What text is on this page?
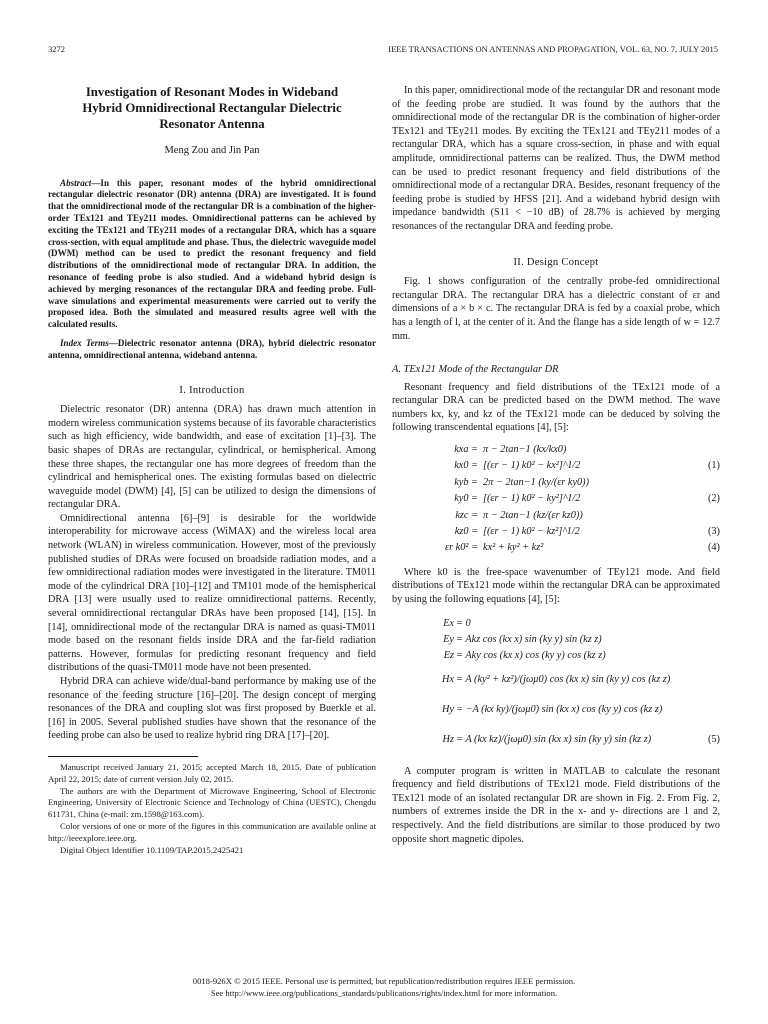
3272	IEEE TRANSACTIONS ON ANTENNAS AND PROPAGATION, VOL. 63, NO. 7, JULY 2015
Investigation of Resonant Modes in Wideband
Hybrid Omnidirectional Rectangular Dielectric
Resonator Antenna
Meng Zou and Jin Pan

Abstract—In this paper, resonant modes of the hybrid omnidirectional rectangular dielectric resonator (DR) antenna (DRA) are investigated. It is found that the omnidirectional mode of the rectangular DR is a combination of the higher-order TEx121 and TEy211 modes. Omnidirectional patterns can be achieved by exciting the TEx121 and TEy211 modes of a rectangular DRA, which has a square cross-section, with equal amplitude and phase. Thus, the dielectric waveguide model (DWM) method can be used to predict the resonant frequency and field distributions of the omnidirectional mode of rectangular DRA. In addition, the resonance of feeding probe is also studied. And a wideband hybrid design is achieved by merging resonances of the rectangular DRA and feeding probe. Full-wave simulations and experimental measurements were carried out to verify the proposed idea. Both the simulated and measured results agree well with the calculated results.

Index Terms—Dielectric resonator antenna (DRA), hybrid dielectric resonator antenna, omnidirectional antenna, wideband antenna.

I. Introduction

Dielectric resonator (DR) antenna (DRA) has drawn much attention in modern wireless communication systems because of its favorable characteristics such as high efficiency, wide bandwidth, and ease of excitation [1]–[3]. The basic shapes of DRAs are rectangular, cylindrical, or hemispherical. Among these three shapes, the rectangular one has more degrees of freedom than the cylindrical and hemispherical ones. The existing formulas based on dielectric waveguide model (DWM) [4], [5] can be utilized to design the dimensions of rectangular DRA.

Omnidirectional antenna [6]–[9] is desirable for the worldwide interoperability for microwave access (WiMAX) and the wireless local area network (WLAN) in wireless communication. However, most of the previously published studies of DRAs were focused on broadside radiation modes, and a few omnidirectional radiation modes were investigated in the literature. TM011 mode of the cylindrical DRA [10]–[12] and TM101 mode of the hemispherical DRA [13] were usually used to realize omnidirectional patterns. Recently, several omnidirectional rectangular DRAs have been proposed [14], [15]. In [14], omnidirectional mode of the rectangular DRA is named as quasi-TM011 mode based on the resonant fields inside DRA and the far-field radiation patterns. However, formulas for predicting resonant frequency and field distributions of the quasi-TM011 mode have not been presented.

Hybrid DRA can achieve wide/dual-band performance by making use of the resonance of the feeding structure [16]–[20]. The design concept of merging resonances of the DRA and coupling slot was first proposed by Buerkle et al. [16] in 2005. Several published studies have shown that the resonance of the feeding probe can also be used to realize hybrid ring DRA [17]–[20].

Manuscript received January 21, 2015; accepted March 18, 2015. Date of publication April 22, 2015; date of current version July 02, 2015.

The authors are with the Department of Microwave Engineering, School of Electronic Engineering, University of Electronic Science and Technology of China (UESTC), Chengdu 611731, China (e-mail: zm.1598@163.com).

Color versions of one or more of the figures in this communication are available online at http://ieeexplore.ieee.org.

Digital Object Identifier 10.1109/TAP.2015.2425421

In this paper, omnidirectional mode of the rectangular DR and resonant mode of the feeding probe are studied. It was found by the authors that the omnidirectional mode of the rectangular DR is the combination of higher-order TEx121 and TEy211 modes. By exciting the TEx121 and TEy211 modes of a rectangular DRA, which has a square cross-section, in phase and with equal amplitude, omnidirectional patterns can be realized. Thus, the DWM method can be used to predict resonant frequency and field distributions of the omnidirectional mode of a rectangular DRA. Besides, resonant frequency of the feeding probe is studied by HFSS [21]. And a wideband hybrid design with impedance bandwidth (S11 < −10 dB) of 28.7% is achieved by merging resonances of the rectangular DRA and feeding probe.

II. Design Concept

Fig. 1 shows configuration of the centrally probe-fed omnidirectional rectangular DRA. The rectangular DRA has a dielectric constant of εr and dimensions of a × b × c. The rectangular DRA is fed by a coaxial probe, which has a length of l, at the center of it. And the flange has a side length of w = 12.7 mm.

A. TEx121 Mode of the Rectangular DR

Resonant frequency and field distributions of the TEx121 mode of a rectangular DRA can be predicted based on the DWM method. The wave numbers kx, ky, and kz of the TEx121 mode can be deduced by solving the following transcendental equations [4], [5]:

kxa = π − 2tan−1 (kx/kx0)
kx0 = [(εr − 1) k0² − kx²]^1/2	(1)
kyb = 2π − 2tan−1 (ky/(εr ky0))
ky0 = [(εr − 1) k0² − ky²]^1/2	(2)
kzc = π − 2tan−1 (kz/(εr kz0))
kz0 = [(εr − 1) k0² − kz²]^1/2	(3)
εr k0² = kx² + ky² + kz²	(4)

Where k0 is the free-space wavenumber of TEy121 mode. And field distributions of TEx121 mode within the rectangular DRA can be approximated by using the following equations [4], [5]:

Ex = 0
Ey = Akz cos (kx x) sin (ky y) sin (kz z)
Ez = Aky cos (kx x) cos (ky y) cos (kz z)
Hx = A (ky² + kz²)/(jωμ0) cos (kx x) sin (ky y) cos (kz z)
Hy = −A (kx ky)/(jωμ0) sin (kx x) cos (ky y) cos (kz z)
Hz = A (kx kz)/(jωμ0) sin (kx x) sin (ky y) sin (kz z)	(5)

A computer program is written in MATLAB to calculate the resonant frequency and field distributions of TEx121 mode. Field distributions of the TEx121 mode of an isolated rectangular DR are shown in Fig. 2. From Fig. 2, numbers of extremes inside the DR in the x- and y- directions are 1 and 2, respectively. And the field distributions are similar to those produced by two opposite short magnetic dipoles.

0018-926X © 2015 IEEE. Personal use is permitted, but republication/redistribution requires IEEE permission.
See http://www.ieee.org/publications_standards/publications/rights/index.html for more information.
